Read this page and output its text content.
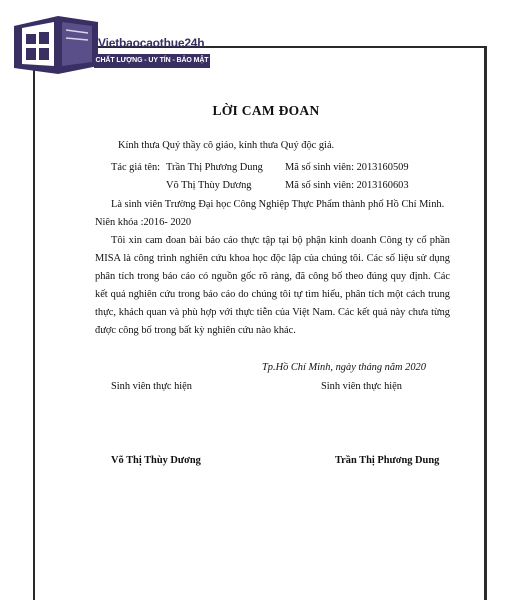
Vietbaocaothue24h
CHẤT LƯỢNG - UY TÍN - BẢO MẬT
LỜI CAM ĐOAN
Kính thưa Quý thầy cô giáo, kính thưa Quý độc giả.
Tác giả tên: Trần Thị Phương Dung Mã số sinh viên: 2013160509
Võ Thị Thùy Dương	Mã số sinh viên: 2013160603
Là sinh viên Trường Đại học Công Nghiệp Thực Phẩm thành phố Hồ Chí Minh.
Niên khóa :2016- 2020
Tôi xin cam đoan bài báo cáo thực tập tại bộ phận kinh doanh Công ty cổ phần
MISA là công trình nghiên cứu khoa học độc lập của chúng tôi. Các số liệu sử dụng
phân tích trong báo cáo có nguồn gốc rõ ràng, đã công bố theo đúng quy định. Các
kết quả nghiên cứu trong báo cáo do chúng tôi tự tìm hiểu, phân tích một cách trung
thực, khách quan và phù hợp với thực tiễn của Việt Nam. Các kết quả này chưa từng
được công bố trong bất kỳ nghiên cứu nào khác.
Tp.Hồ Chí Minh, ngày tháng năm 2020
Sinh viên thực hiện	Sinh viên thực hiện
Võ Thị Thùy Dương	Trần Thị Phương Dung
